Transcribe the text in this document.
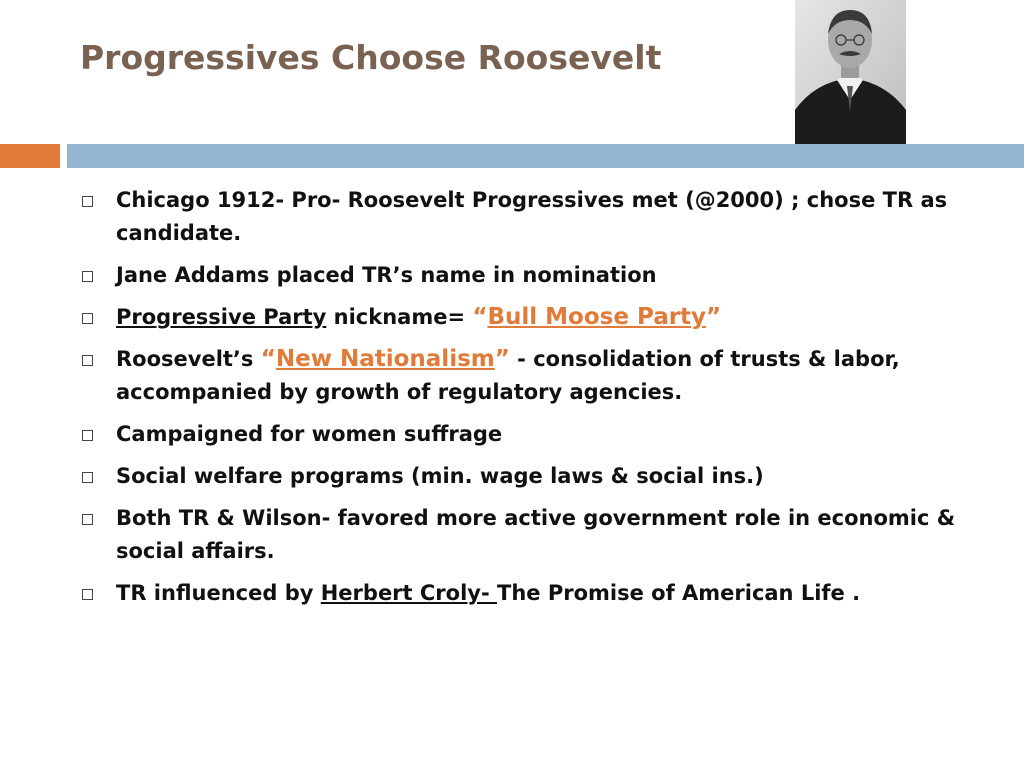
Progressives Choose Roosevelt
Chicago 1912- Pro- Roosevelt Progressives met (@2000) ; chose TR as candidate.
Jane Addams placed TR’s name in nomination
Progressive Party nickname= “Bull Moose Party”
Roosevelt’s “New Nationalism” - consolidation of trusts & labor, accompanied by growth of regulatory agencies.
Campaigned for women suffrage
Social welfare programs (min. wage laws & social ins.)
Both TR & Wilson- favored more active government role in economic & social affairs.
TR influenced by Herbert Croly- The Promise of American Life .
